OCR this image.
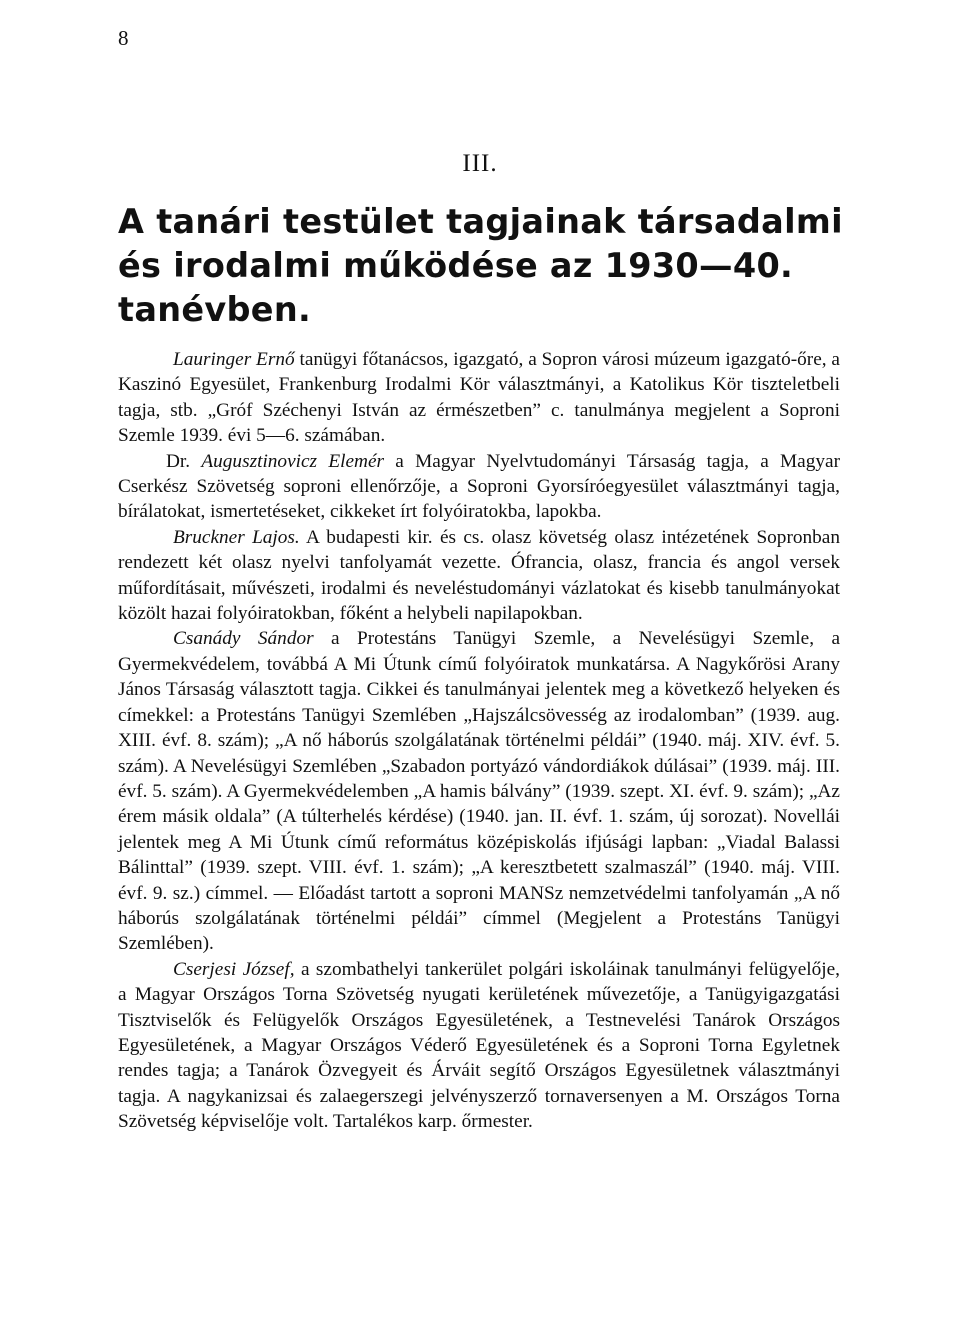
8
III.
A tanári testület tagjainak társadalmi és irodalmi működése az 1930—40. tanévben.

Lauringer Ernő tanügyi főtanácsos, igazgató, a Sopron városi múzeum igazgató-őre, a Kaszinó Egyesület, Frankenburg Irodalmi Kör választmányi, a Katolikus Kör tiszteletbeli tagja, stb. „Gróf Széchenyi István az érmészetben” c. tanulmánya megjelent a Soproni Szemle 1939. évi 5—6. számában.

Dr. Augusztinovicz Elemér a Magyar Nyelvtudományi Társaság tagja, a Magyar Cserkész Szövetség soproni ellenőrzője, a Soproni Gyorsíróegyesület választmányi tagja, bírálatokat, ismertetéseket, cikkeket írt folyóiratokba, lapokba.

Bruckner Lajos. A budapesti kir. és cs. olasz követség olasz intézetének Sopronban rendezett két olasz nyelvi tanfolyamát vezette. Ófrancia, olasz, francia és angol versek műfordításait, művészeti, irodalmi és neveléstudományi vázlatokat és kisebb tanulmányokat közölt hazai folyóiratokban, főként a helybeli napilapokban.

Csanády Sándor a Protestáns Tanügyi Szemle, a Nevelésügyi Szemle, a Gyermekvédelem, továbbá A Mi Útunk című folyóiratok munkatársa. A Nagykőrösi Arany János Társaság választott tagja. Cikkei és tanulmányai jelentek meg a következő helyeken és címekkel: a Protestáns Tanügyi Szemlében „Hajszálcsövesség az irodalomban” (1939. aug. XIII. évf. 8. szám); „A nő háborús szolgálatának történelmi példái” (1940. máj. XIV. évf. 5. szám). A Nevelésügyi Szemlében „Szabadon portyázó vándordiákok dúlásai” (1939. máj. III. évf. 5. szám). A Gyermekvédelemben „A hamis bálvány” (1939. szept. XI. évf. 9. szám); „Az érem másik oldala” (A túlterhelés kérdése) (1940. jan. II. évf. 1. szám, új sorozat). Novellái jelentek meg A Mi Útunk című református középiskolás ifjúsági lapban: „Viadal Balassi Bálinttal” (1939. szept. VIII. évf. 1. szám); „A keresztbetett szalmaszál” (1940. máj. VIII. évf. 9. sz.) címmel. — Előadást tartott a soproni MANSz nemzetvédelmi tanfolyamán „A nő háborús szolgálatának történelmi példái” címmel (Megjelent a Protestáns Tanügyi Szemlében).

Cserjesi József, a szombathelyi tankerület polgári iskoláinak tanulmányi felügyelője, a Magyar Országos Torna Szövetség nyugati kerületének művezetője, a Tanügyigazgatási Tisztviselők és Felügyelők Országos Egyesületének, a Testnevelési Tanárok Országos Egyesületének, a Magyar Országos Véderő Egyesületének és a Soproni Torna Egyletnek rendes tagja; a Tanárok Özvegyeit és Árváit segítő Országos Egyesületnek választmányi tagja. A nagykanizsai és zalaegerszegi jelvényszerző tornaversenyen a M. Országos Torna Szövetség képviselője volt. Tartalékos karp. őrmester.
